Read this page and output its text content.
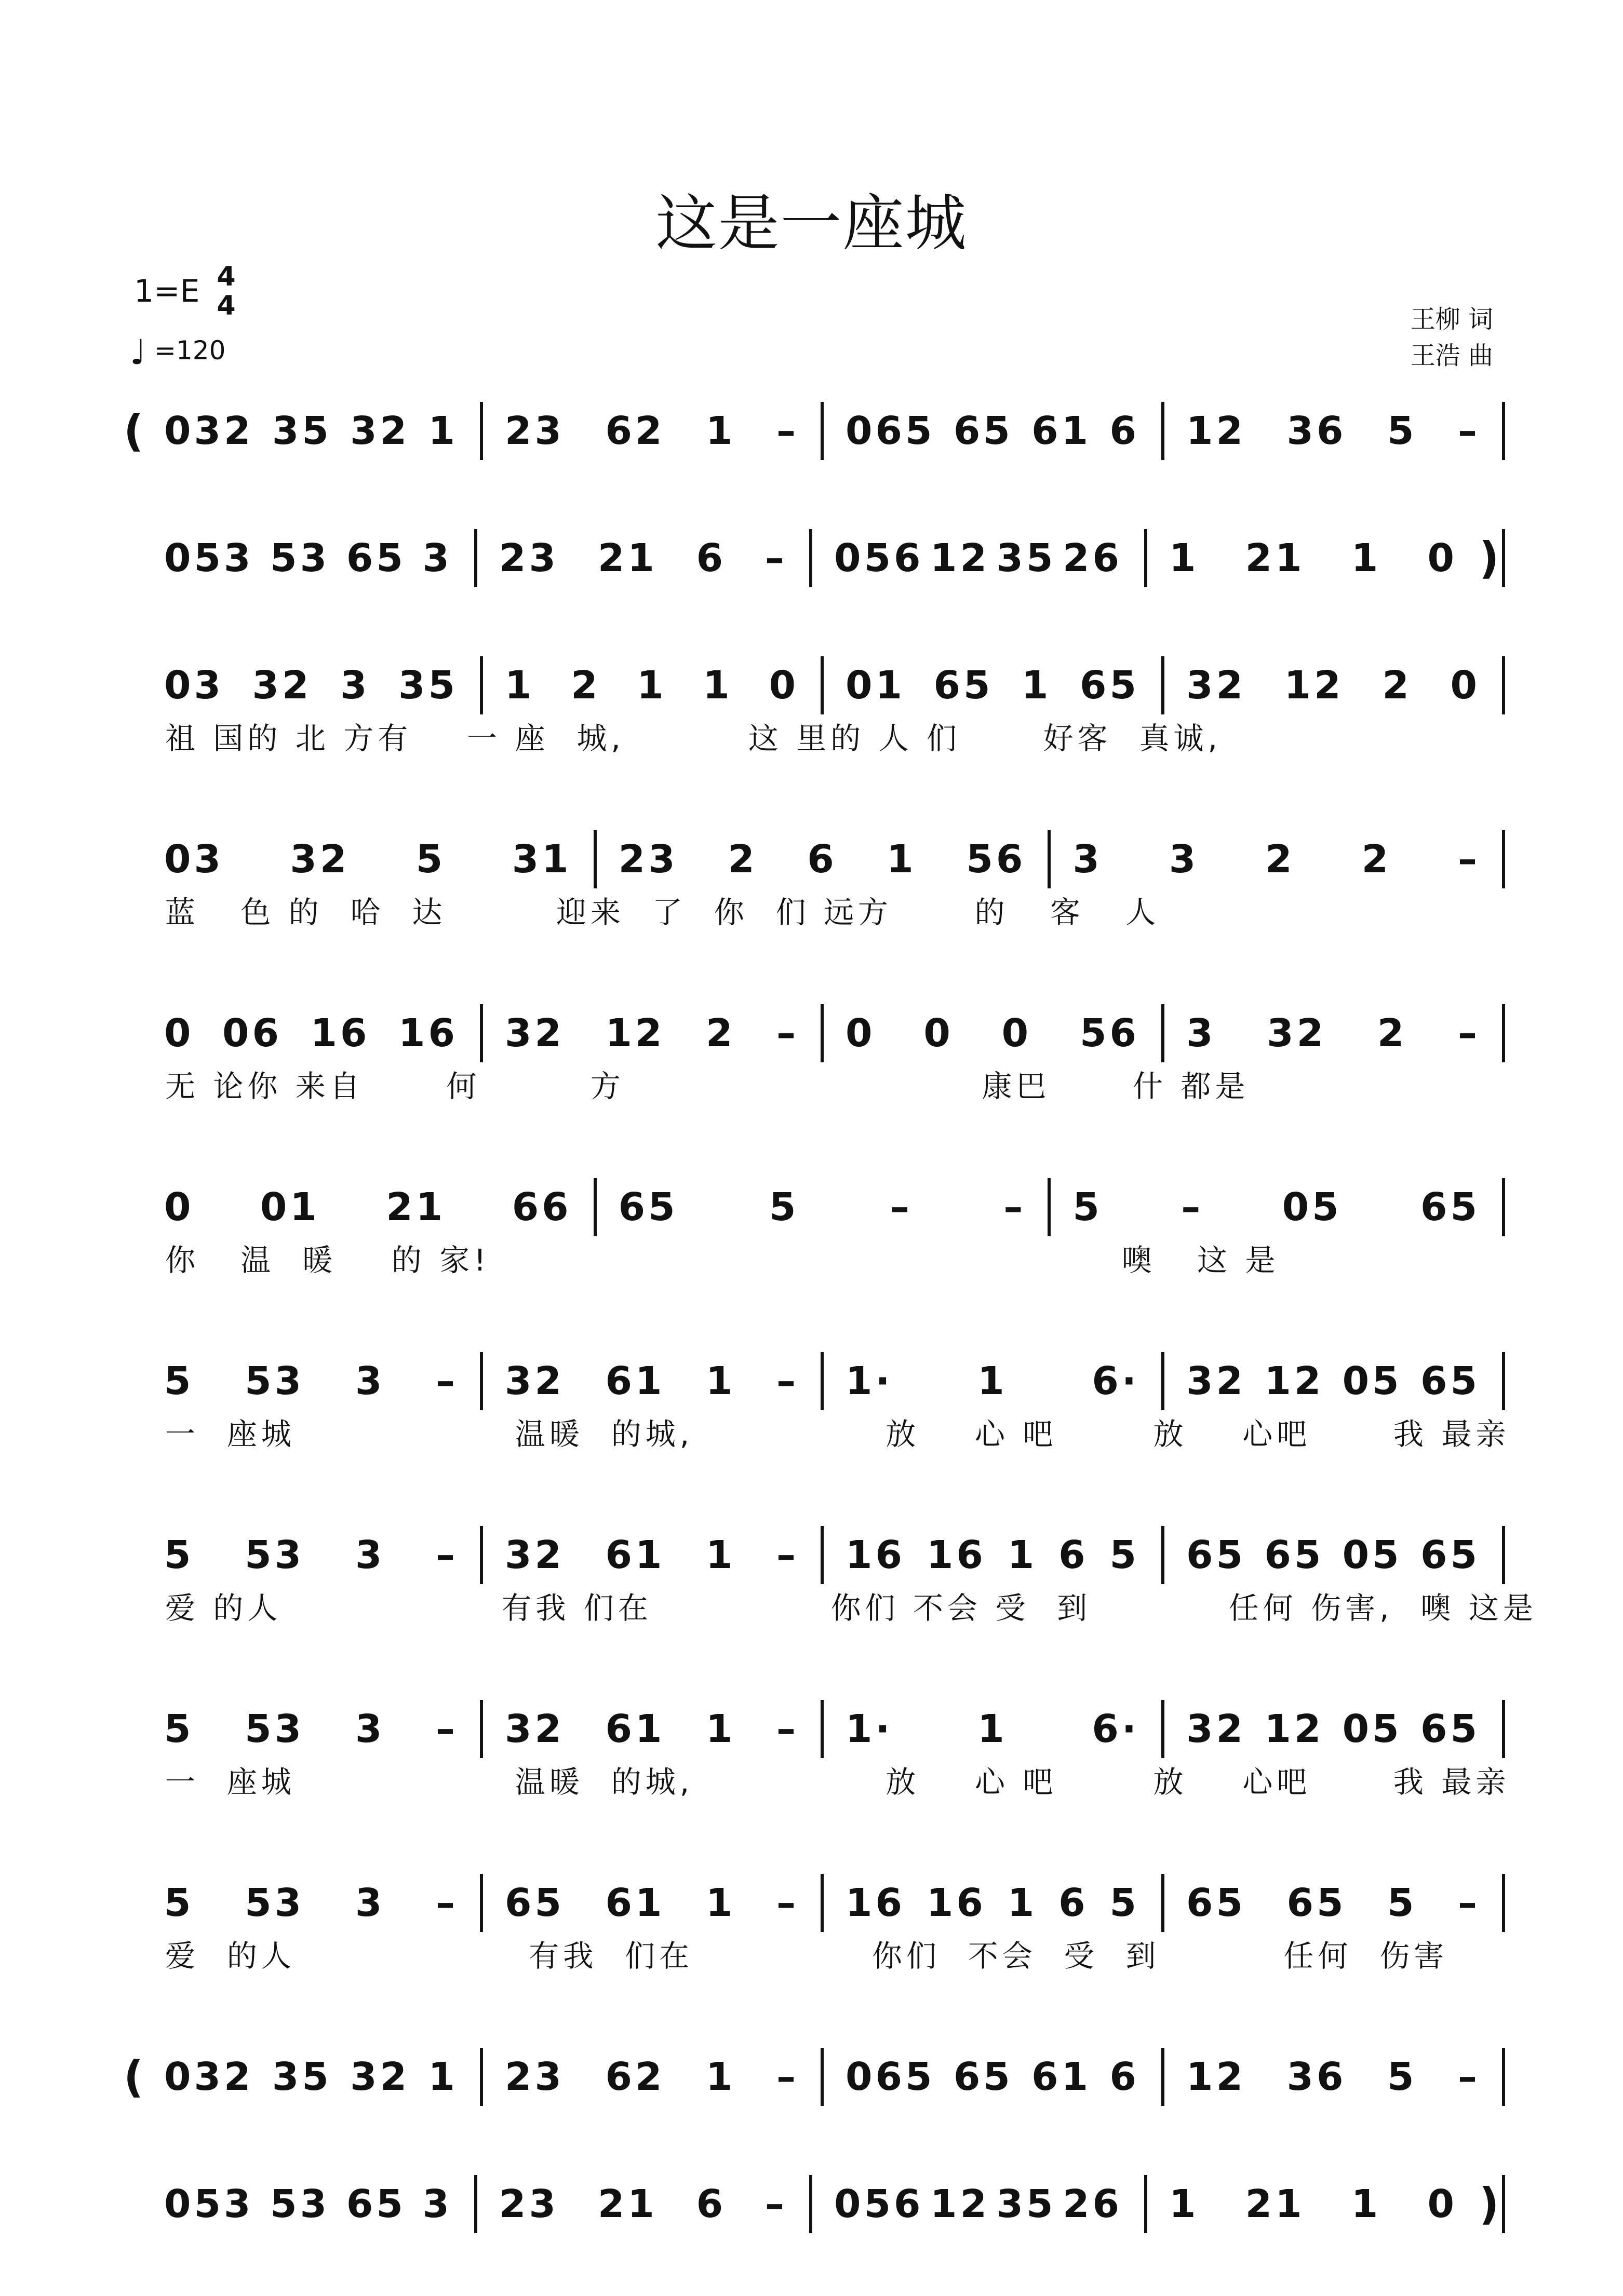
这是一座城
1=E 4
4
♩ =120
王柳 词
王浩 曲
( 032 35 32 1 23 62 1 – 065 65 61 6 12 36 5 –
053 53 65 3 23 21 6 – 056 12 35 26 1 21 1 0 )
03 32 3 35 1 2 1 1 0 01 65 1 65 32 12 2 0
祖 国的 北 方有    一 座  城,         这 里的 人 们      好客  真诚,
03 32 5 31 23 2 6 1 56 3 3 2 2 –
蓝   色 的  哈  达        迎来  了  你  们 远方      的   客   人
0 06 16 16 32 12 2 – 0 0 0 56 3 32 2 –
无 论你 来自      何        方                          康巴      什 都是
0 01 21 66 65 5 – – 5 – 05 65
你   温  暖    的 家!                                              噢   这 是
5 53 3 – 32 61 1 – 1· 1 6· 32 12 05 65
一  座城                温暖  的城,              放    心 吧       放    心吧      我 最亲
5 53 3 – 32 61 1 – 16 16 1 6 5 65 65 05 65
爱 的人                有我 们在             你们 不会 受  到          任何 伤害,  噢 这是
5 53 3 – 32 61 1 – 1· 1 6· 32 12 05 65
一  座城                温暖  的城,              放    心 吧       放    心吧      我 最亲
5 53 3 – 65 61 1 – 16 16 1 6 5 65 65 5 –
爱  的人                 有我  们在             你们  不会  受  到         任何  伤害
( 032 35 32 1 23 62 1 – 065 65 61 6 12 36 5 –
053 53 65 3 23 21 6 – 056 12 35 26 1 21 1 0 )
